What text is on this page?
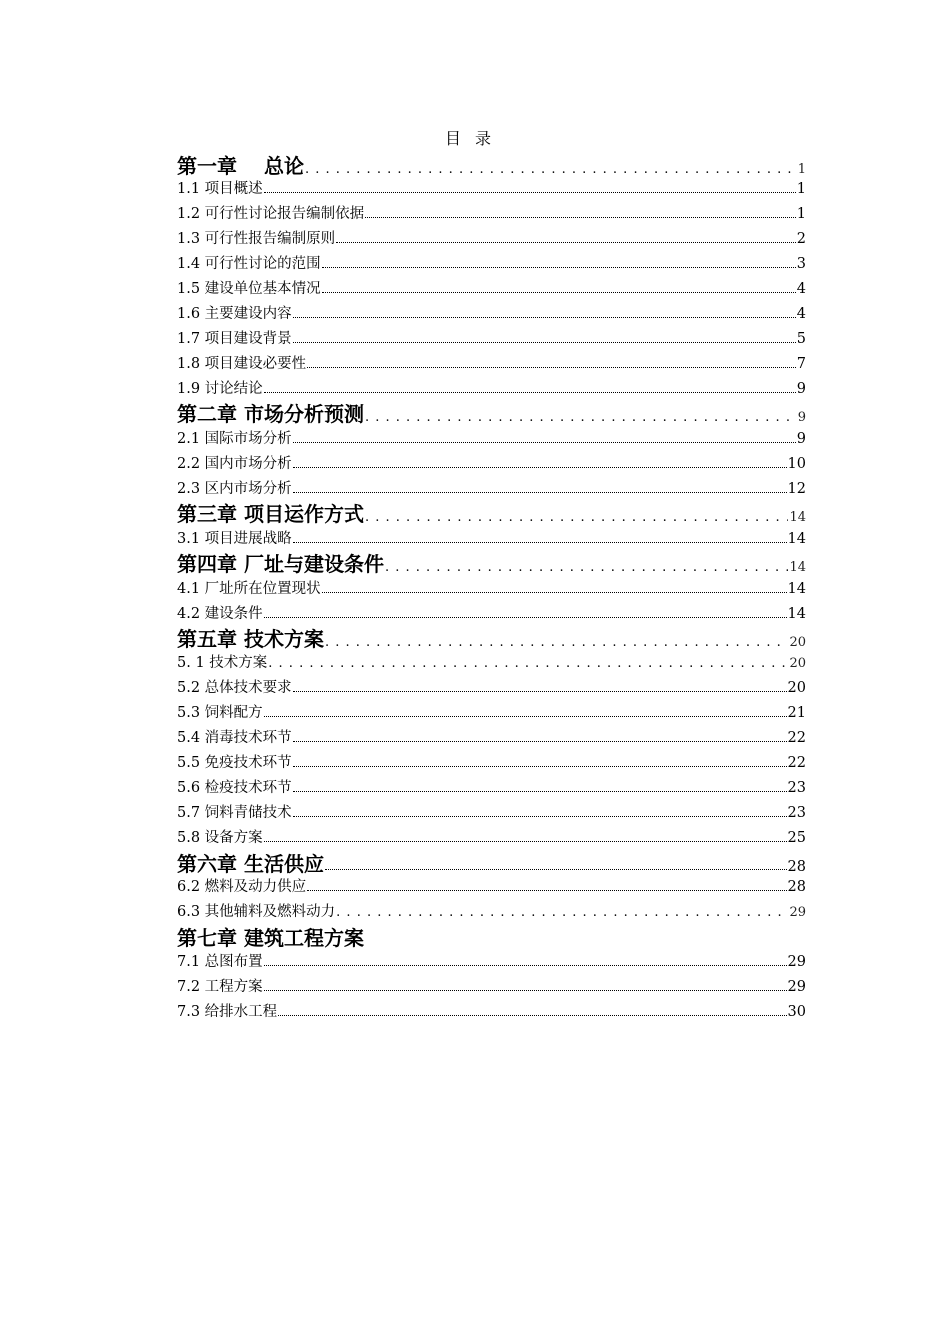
目录
第一章　 总论 . . .	1
1.1 项目概述	1
1.2 可行性讨论报告编制依据	1
1.3 可行性报告编制原则	2
1.4 可行性讨论的范围	3
1.5 建设单位基本情况	4
1.6 主要建设内容	4
1.7 项目建设背景	5
1.8 项目建设必要性	7
1.9 讨论结论	9
第二章 市场分析预测 . . .	9
2.1 国际市场分析	9
2.2 国内市场分析	10
2.3 区内市场分析	12
第三章 项目运作方式 . . .	14
3.1 项目进展战略	14
第四章 厂址与建设条件 . . .	14
4.1 厂址所在位置现状	14
4.2 建设条件	14
第五章 技术方案 . . .	20
5. 1 技术方案 . . .	20
5.2 总体技术要求	20
5.3 饲料配方	21
5.4 消毒技术环节	22
5.5 免疫技术环节	22
5.6 检疫技术环节	23
5.7 饲料青储技术	23
5.8 设备方案	25
第六章 生活供应	28
6.2 燃料及动力供应	28
6.3 其他辅料及燃料动力 . . .	29
第七章 建筑工程方案
7.1 总图布置	29
7.2 工程方案	29
7.3 给排水工程	30
